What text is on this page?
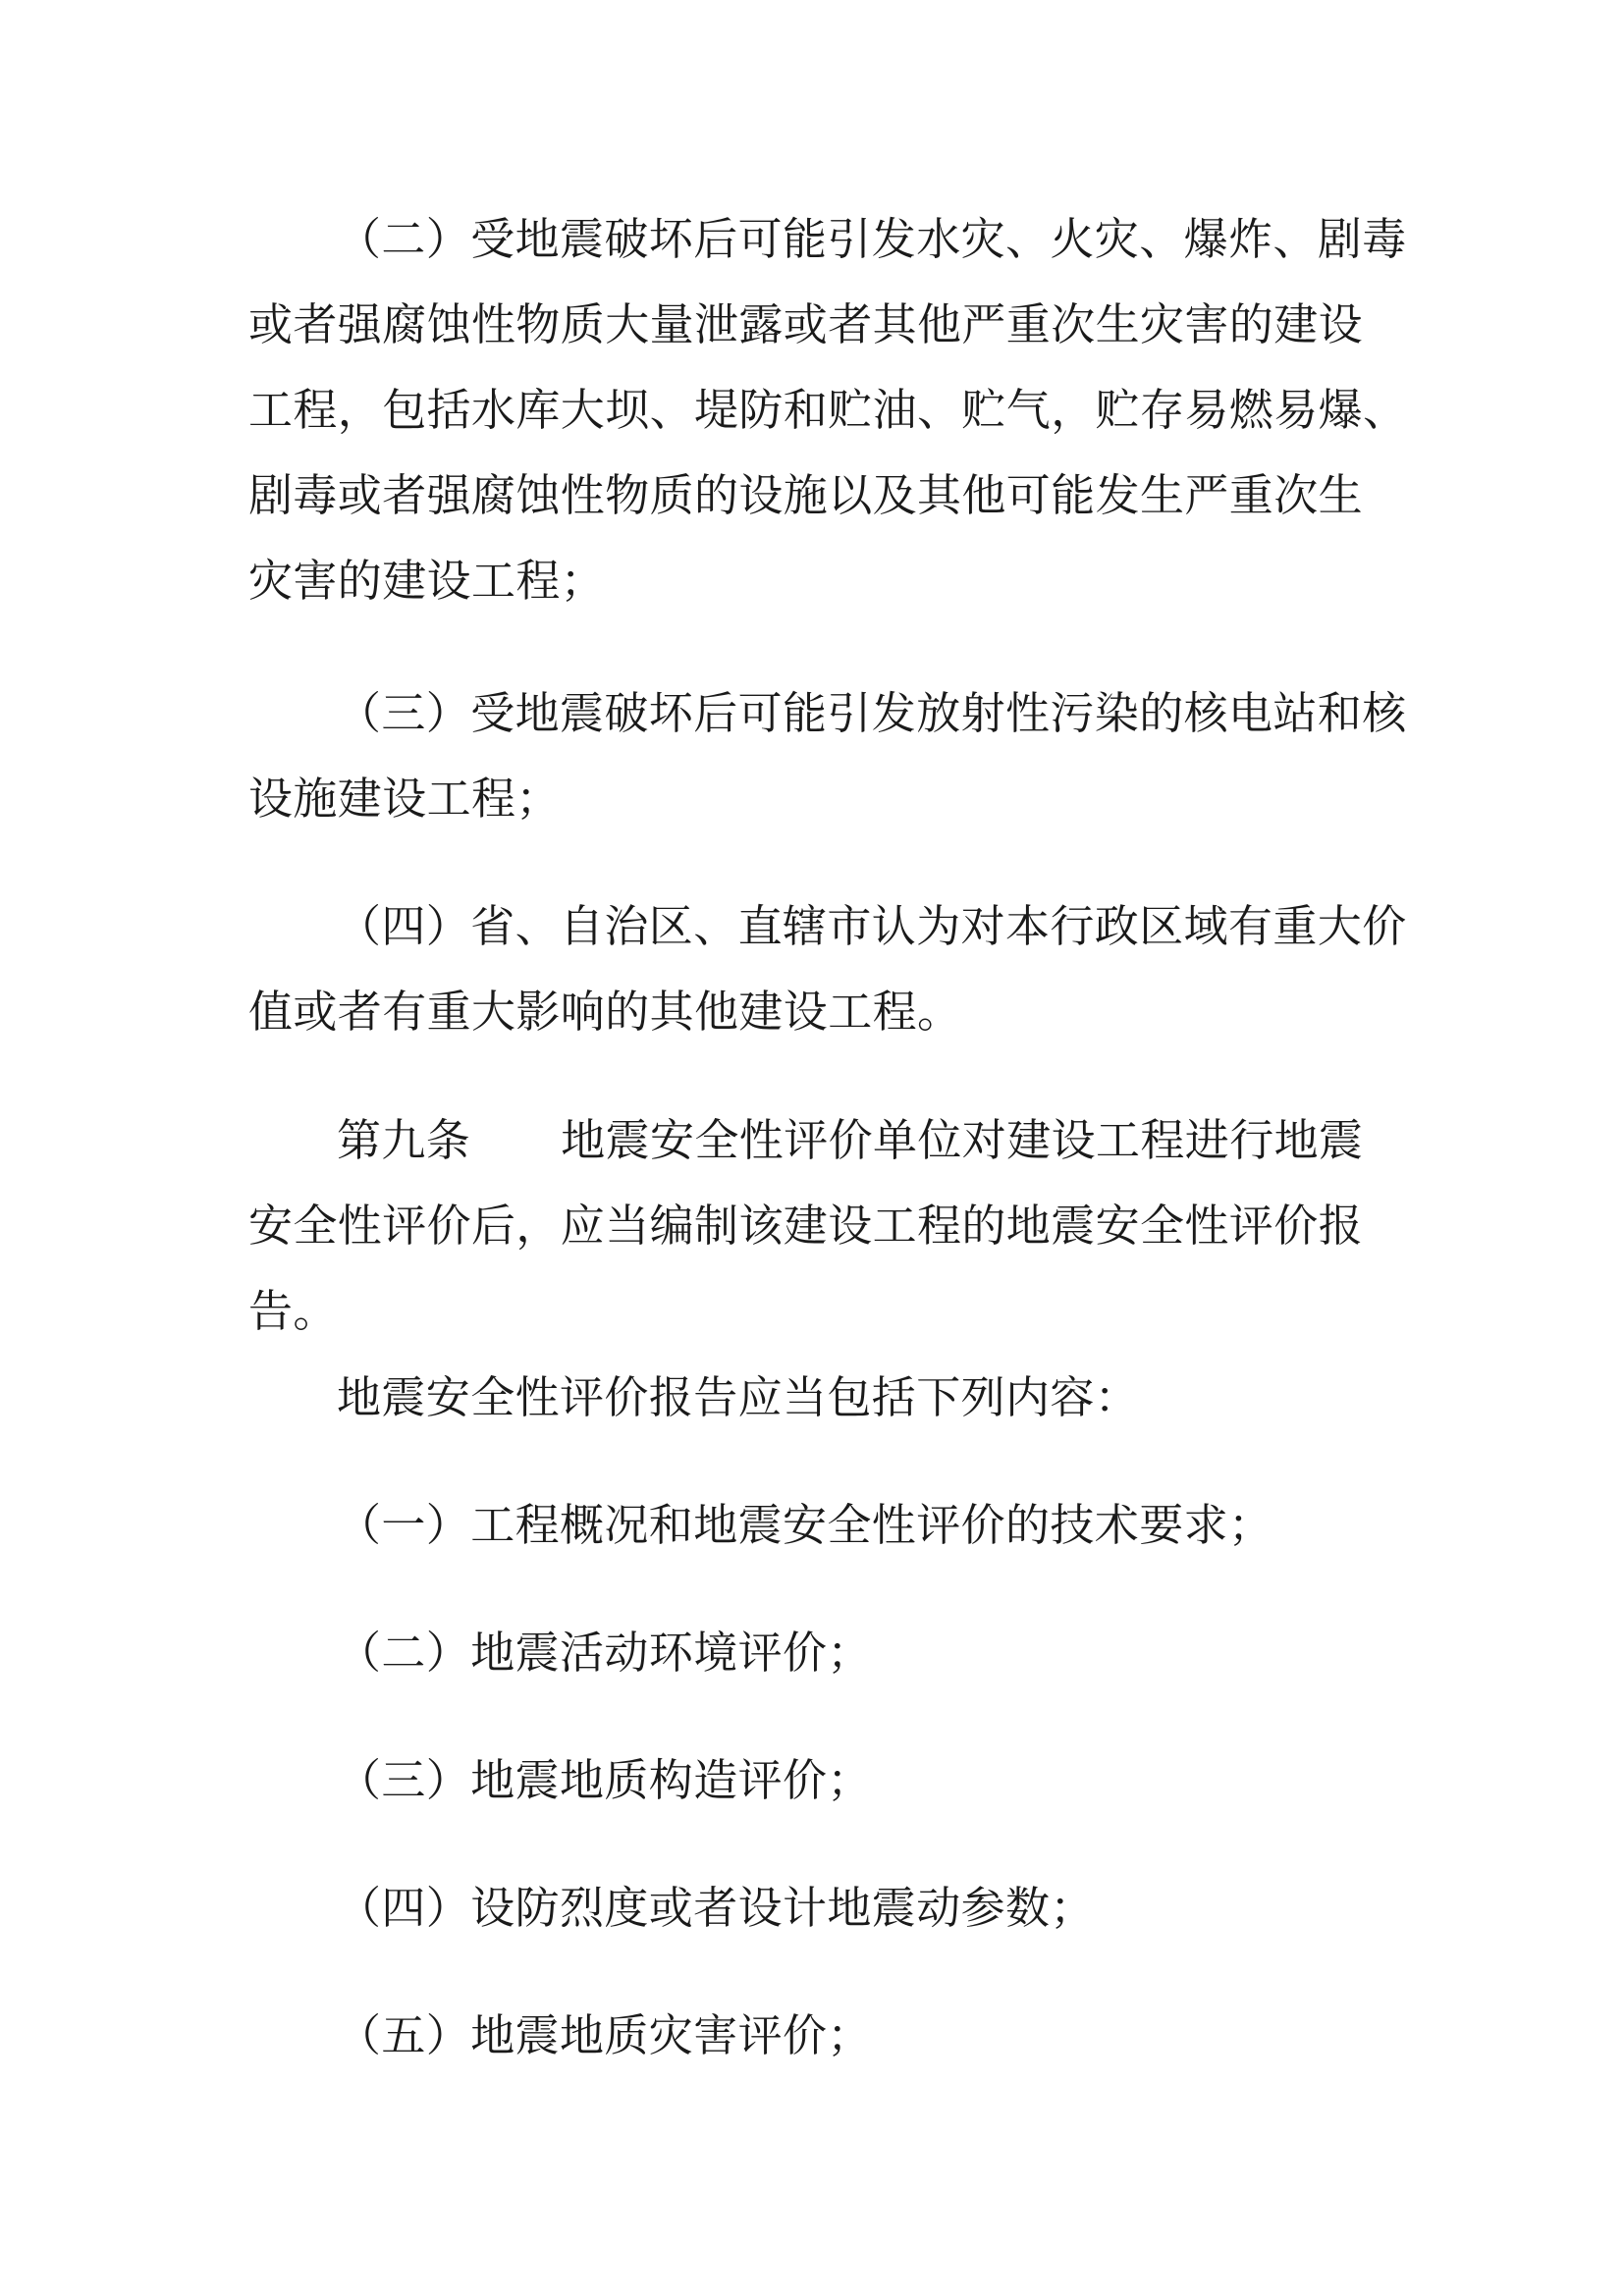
（二）受地震破坏后可能引发水灾、火灾、爆炸、剧毒
或者强腐蚀性物质大量泄露或者其他严重次生灾害的建设
工程，包括水库大坝、堤防和贮油、贮气，贮存易燃易爆、
剧毒或者强腐蚀性物质的设施以及其他可能发生严重次生
灾害的建设工程；
（三）受地震破坏后可能引发放射性污染的核电站和核
设施建设工程；
（四）省、自治区、直辖市认为对本行政区域有重大价
值或者有重大影响的其他建设工程。
第九条 地震安全性评价单位对建设工程进行地震
安全性评价后，应当编制该建设工程的地震安全性评价报
告。
地震安全性评价报告应当包括下列内容：
（一）工程概况和地震安全性评价的技术要求；
（二）地震活动环境评价；
（三）地震地质构造评价；
（四）设防烈度或者设计地震动参数；
（五）地震地质灾害评价；
